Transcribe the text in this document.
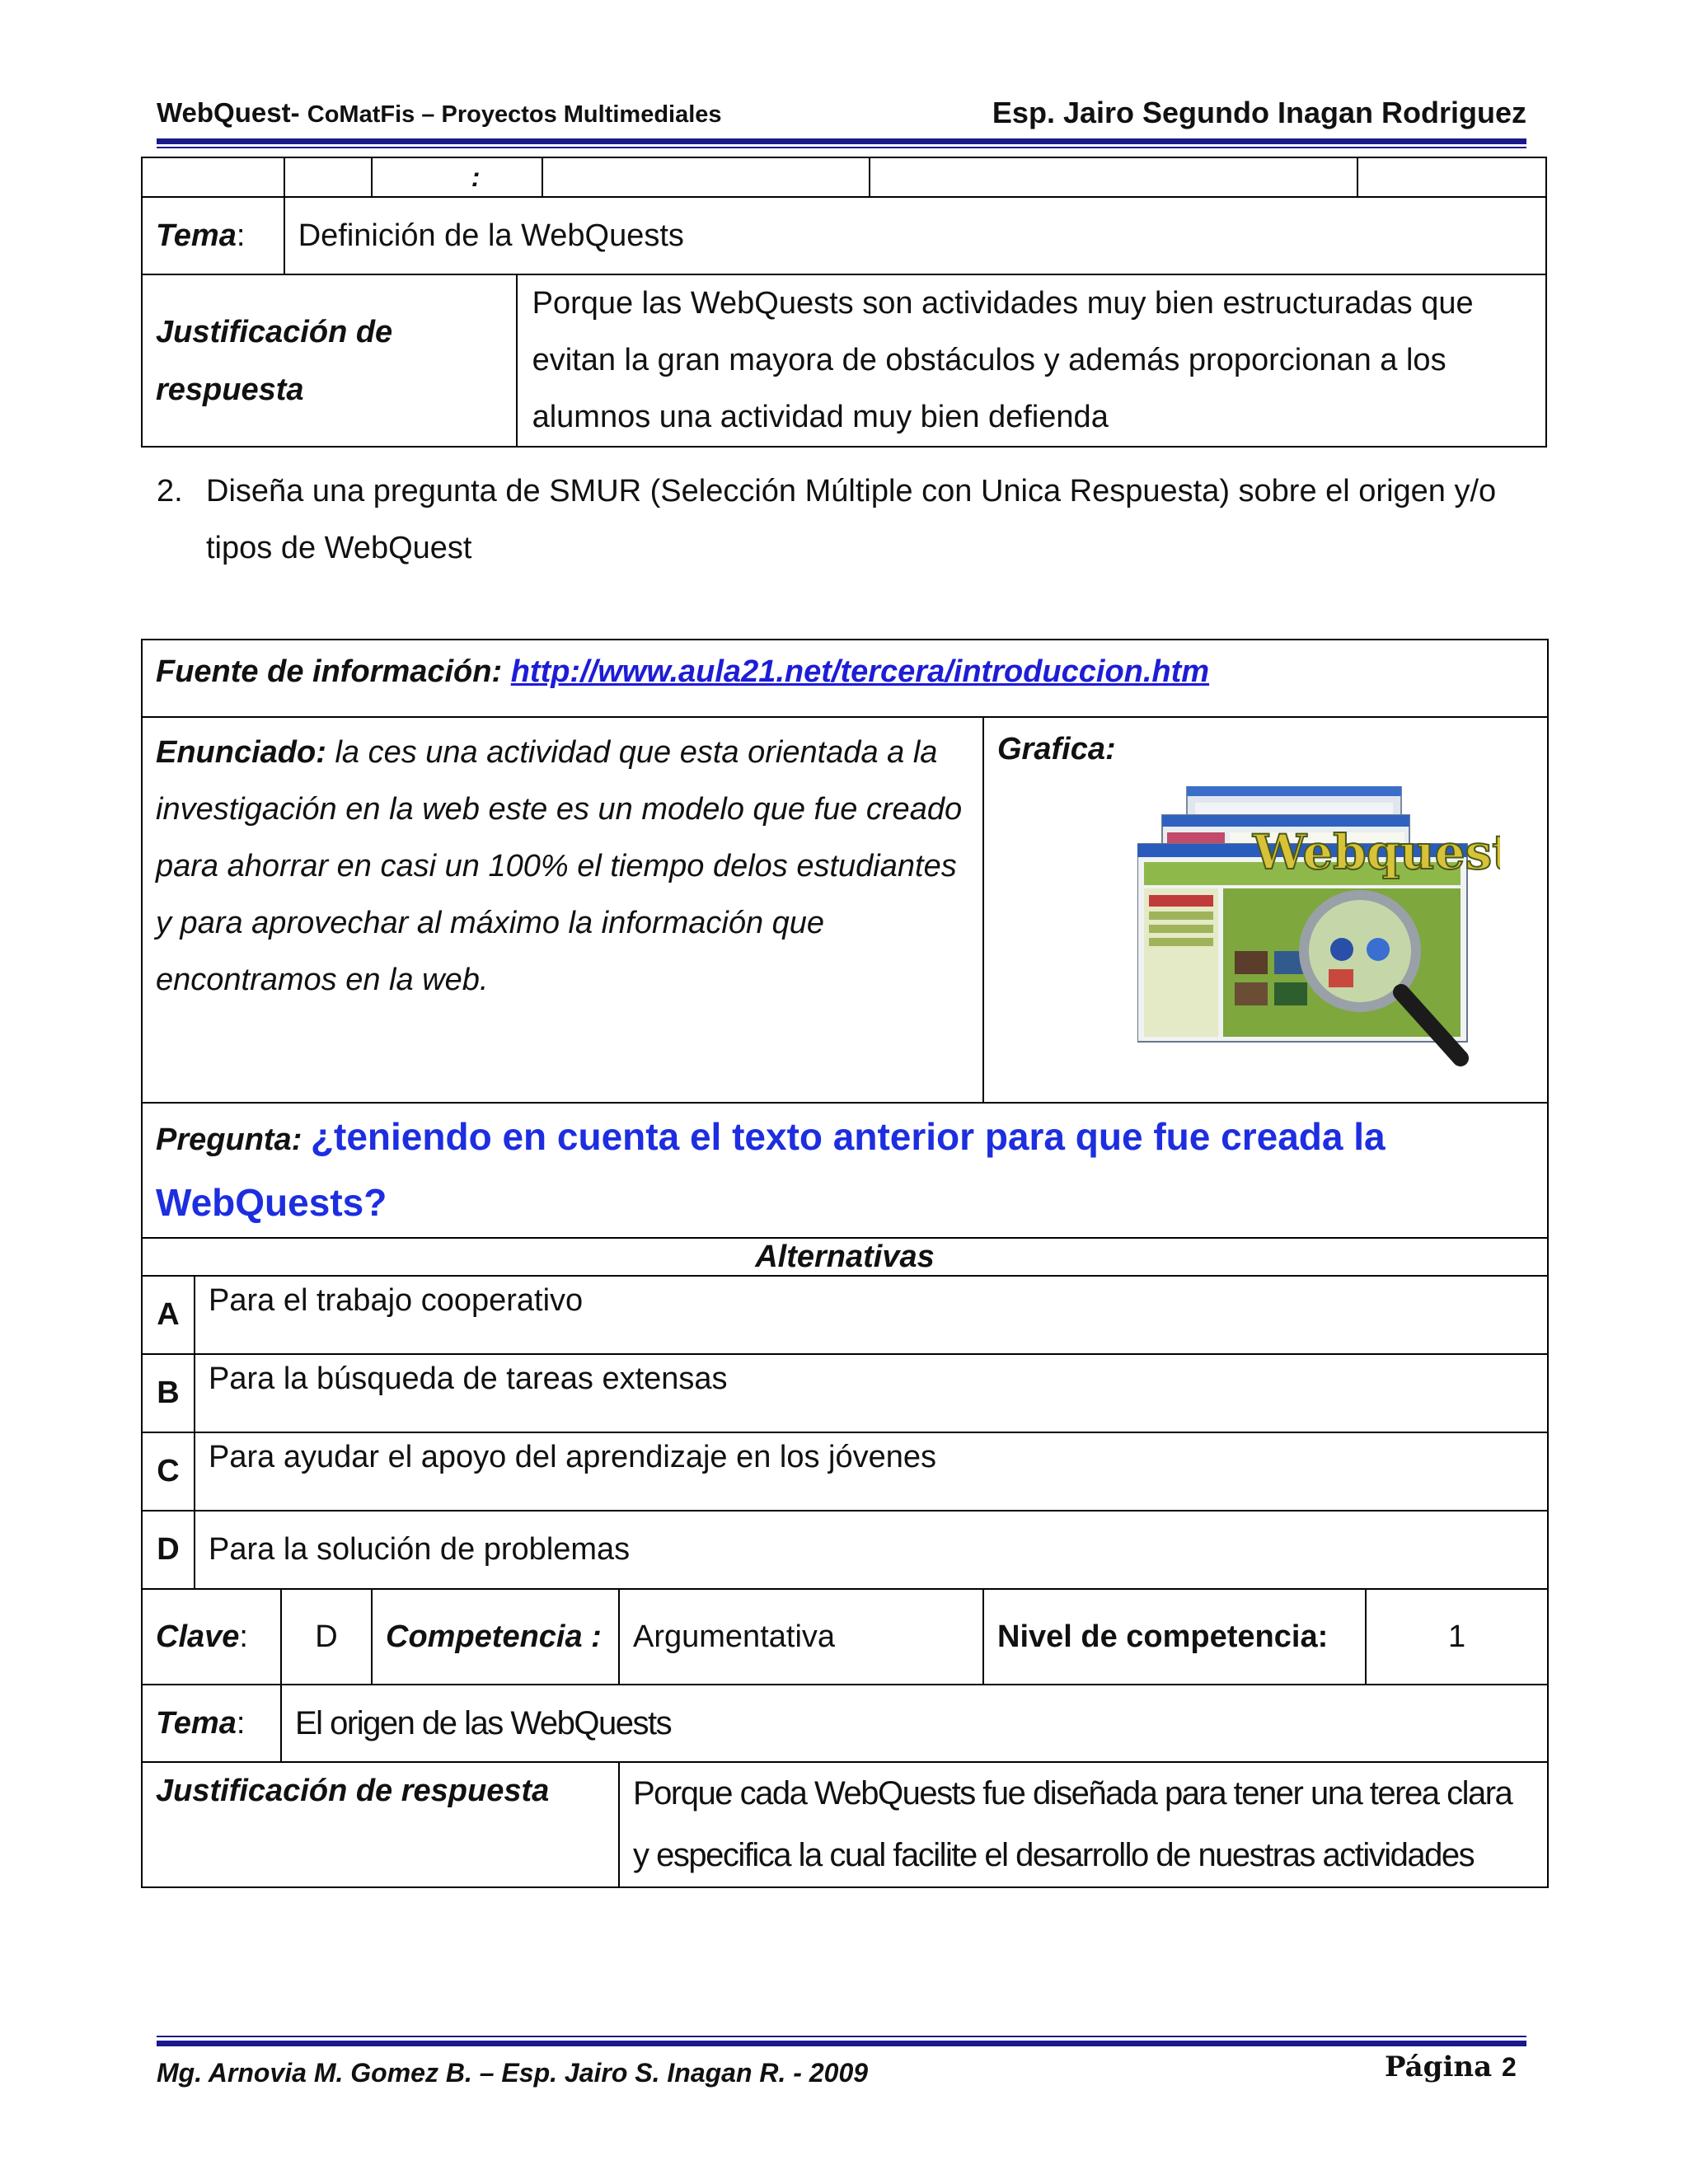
WebQuest- CoMatFis – Proyectos Multimediales	Esp. Jairo Segundo Inagan Rodriguez
		:				
Tema:	Definición de la WebQuests					
Justificación de respuesta			Porque las WebQuests son actividades muy bien estructuradas que evitan la gran mayora de obstáculos y además proporcionan a los alumnos una actividad muy bien defienda			
2. Diseña una pregunta de SMUR (Selección Múltiple con Unica Respuesta) sobre el origen y/o tipos de WebQuest
Fuente de información: http://www.aula21.net/tercera/introduccion.htm						
Enunciado: la ces una actividad que esta orientada a la investigación en la web este es un modelo que fue creado para ahorrar en casi un 100% el tiempo delos estudiantes y para aprovechar al máximo la información que encontramos en la web.					Grafica:
Webquest	

Pregunta: ¿teniendo en cuenta el texto anterior para que fue creada la WebQuests?						
Alternativas						
A	Para el trabajo cooperativo					
B	Para la búsqueda de tareas extensas					
C	Para ayudar el apoyo del aprendizaje en los jóvenes					
D	Para la solución de problemas					
Clave:		D	Competencia :	Argumentativa	Nivel de competencia:	1
Tema:		El origen de las WebQuests				
Justificación de respuesta				Porque cada WebQuests fue diseñada para tener una terea clara y especifica la cual facilite el desarrollo de nuestras actividades		
Mg. Arnovia M. Gomez B. – Esp. Jairo S. Inagan R. - 2009	Página 2
